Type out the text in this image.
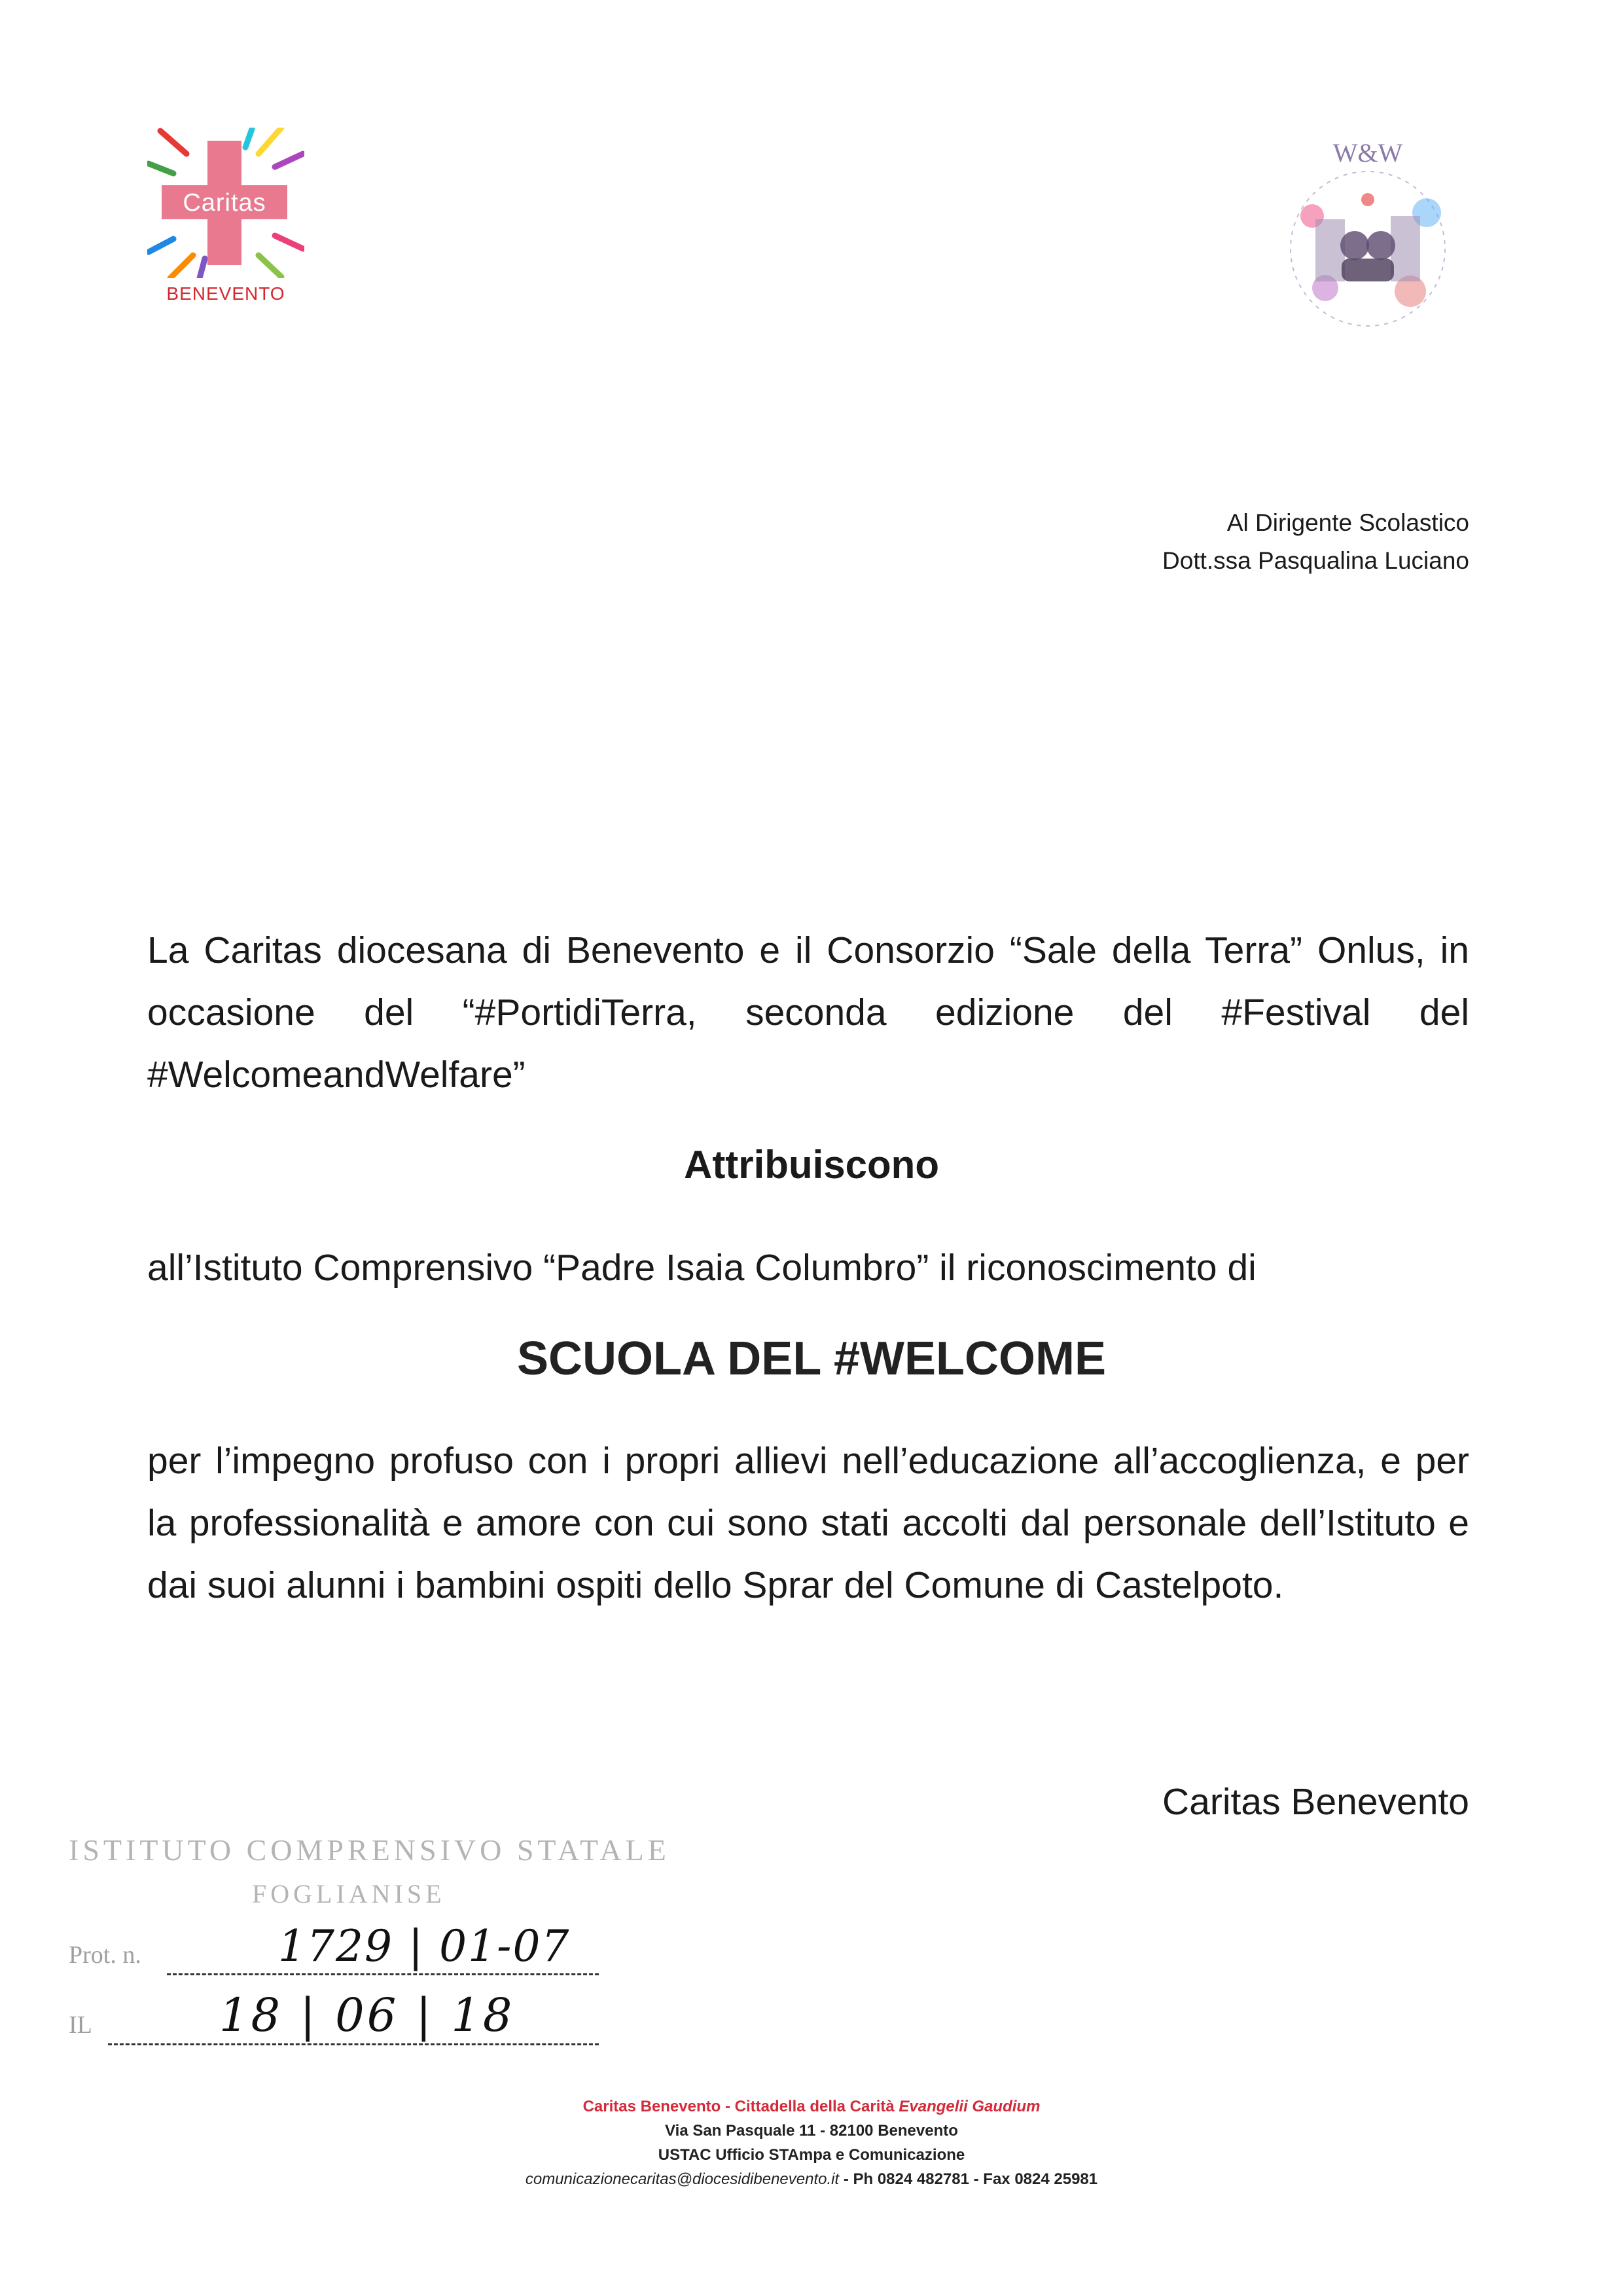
Caritas
BENEVENTO
W&W
Al Dirigente Scolastico
Dott.ssa Pasqualina Luciano
La Caritas diocesana di Benevento e il Consorzio “Sale della Terra” Onlus, in occasione del “#PortidiTerra, seconda edizione del #Festival del #WelcomeandWelfare”
Attribuiscono
all’Istituto Comprensivo “Padre Isaia Columbro” il riconoscimento di
SCUOLA DEL #WELCOME
per l’impegno profuso con i propri allievi nell’educazione all’accoglienza, e per la professionalità e amore con cui sono stati accolti dal personale dell’Istituto e dai suoi alunni i bambini ospiti dello Sprar del Comune di Castelpoto.
Caritas Benevento
ISTITUTO COMPRENSIVO STATALE
FOGLIANISE
Prot. n.	1729 | 01-07
IL	18 | 06 | 18
Caritas Benevento - Cittadella della Carità Evangelii Gaudium
Via San Pasquale 11 - 82100 Benevento
USTAC Ufficio STAmpa e Comunicazione
comunicazionecaritas@diocesidibenevento.it - Ph 0824 482781 - Fax 0824 25981
